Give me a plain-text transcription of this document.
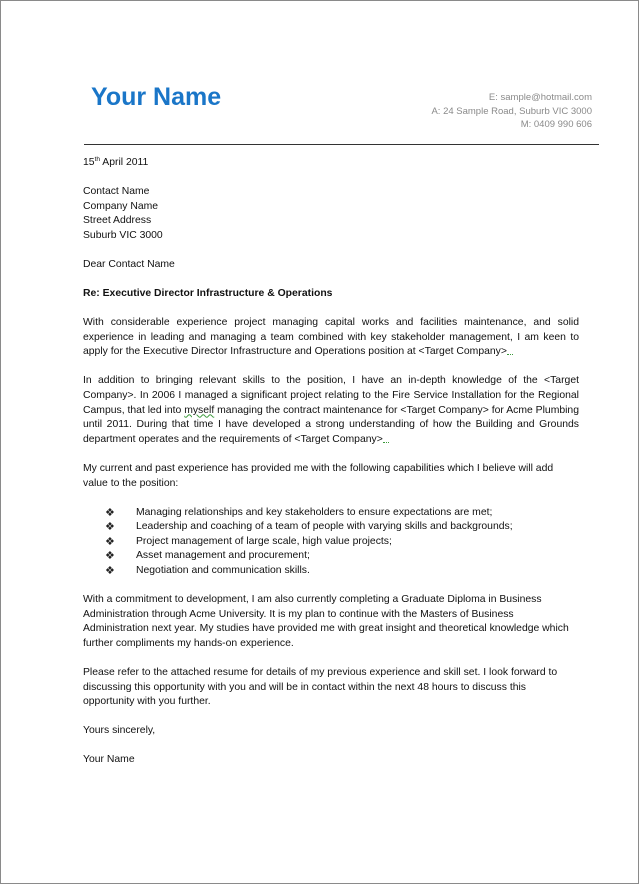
Your Name	E: sample@hotmail.com
A: 24 Sample Road, Suburb VIC 3000
M: 0409 990 606

15th April 2011

Contact Name

Company Name

Street Address

Suburb VIC 3000

Dear Contact Name

Re: Executive Director Infrastructure & Operations

With considerable experience project managing capital works and facilities maintenance, and solid experience in leading and managing a team combined with key stakeholder management, I am keen to apply for the Executive Director Infrastructure and Operations position at <Target Company>

In addition to bringing relevant skills to the position, I have an in-depth knowledge of the <Target Company>. In 2006 I managed a significant project relating to the Fire Service Installation for the Regional Campus, that led into myself managing the contract maintenance for <Target Company> for Acme Plumbing until 2011. During that time I have developed a strong understanding of how the Building and Grounds department operates and the requirements of <Target Company>

My current and past experience has provided me with the following capabilities which I believe will add value to the position:

❖ Managing relationships and key stakeholders to ensure expectations are met;
❖ Leadership and coaching of a team of people with varying skills and backgrounds;
❖ Project management of large scale, high value projects;
❖ Asset management and procurement;
❖ Negotiation and communication skills.

With a commitment to development, I am also currently completing a Graduate Diploma in Business Administration through Acme University. It is my plan to continue with the Masters of Business Administration next year. My studies have provided me with great insight and theoretical knowledge which further compliments my hands-on experience.

Please refer to the attached resume for details of my previous experience and skill set. I look forward to discussing this opportunity with you and will be in contact within the next 48 hours to discuss this opportunity with you further.

Yours sincerely,

Your Name
